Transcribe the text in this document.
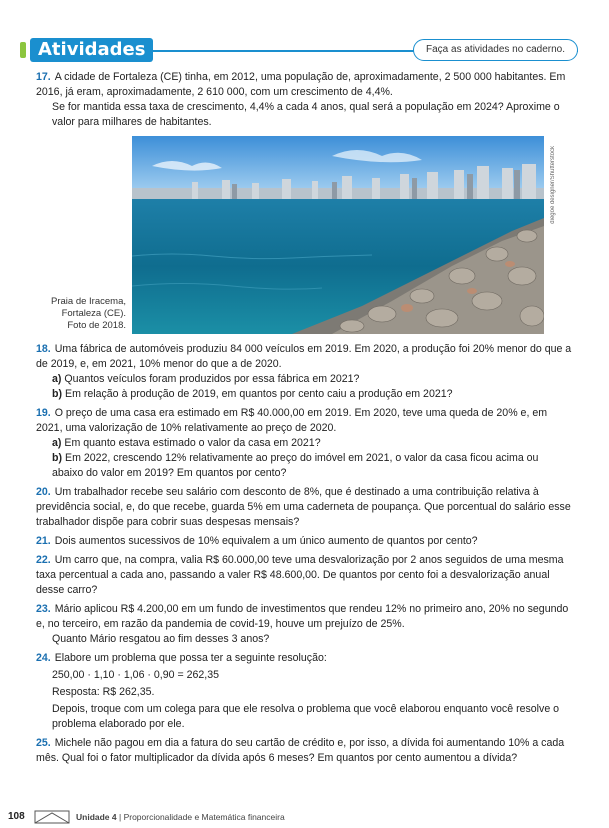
Atividades	Faça as atividades no caderno.

17. A cidade de Fortaleza (CE) tinha, em 2012, uma população de, aproximadamente, 2 500 000 habitantes. Em 2016, já eram, aproximadamente, 2 610 000, com um crescimento de 4,4%.

Se for mantida essa taxa de crescimento, 4,4% a cada 4 anos, qual será a população em 2024? Aproxime o valor para milhares de habitantes.

Praia de Iracema,
Fortaleza (CE).
Foto de 2018.
diegoe designer/Shutterstock

18. Uma fábrica de automóveis produziu 84 000 veículos em 2019. Em 2020, a produção foi 20% menor do que a de 2019, e, em 2021, 10% menor do que a de 2020.

a) Quantos veículos foram produzidos por essa fábrica em 2021?

b) Em relação à produção de 2019, em quantos por cento caiu a produção em 2021?

19. O preço de uma casa era estimado em R$ 40.000,00 em 2019. Em 2020, teve uma queda de 20% e, em 2021, uma valorização de 10% relativamente ao preço de 2020.

a) Em quanto estava estimado o valor da casa em 2021?

b) Em 2022, crescendo 12% relativamente ao preço do imóvel em 2021, o valor da casa ficou acima ou abaixo do valor em 2019? Em quantos por cento?

20. Um trabalhador recebe seu salário com desconto de 8%, que é destinado a uma contribuição relativa à previdência social, e, do que recebe, guarda 5% em uma caderneta de poupança. Que porcentual do salário esse trabalhador dispõe para cobrir suas despesas mensais?

21. Dois aumentos sucessivos de 10% equivalem a um único aumento de quantos por cento?

22. Um carro que, na compra, valia R$ 60.000,00 teve uma desvalorização por 2 anos seguidos de uma mesma taxa percentual a cada ano, passando a valer R$ 48.600,00. De quantos por cento foi a desvalorização anual desse carro?

23. Mário aplicou R$ 4.200,00 em um fundo de investimentos que rendeu 12% no primeiro ano, 20% no segundo e, no terceiro, em razão da pandemia de covid-19, houve um prejuízo de 25%.

Quanto Mário resgatou ao fim desses 3 anos?

24. Elabore um problema que possa ter a seguinte resolução:

250,00 · 1,10 · 1,06 · 0,90 = 262,35

Resposta: R$ 262,35.

Depois, troque com um colega para que ele resolva o problema que você elaborou enquanto você resolve o problema elaborado por ele.

25. Michele não pagou em dia a fatura do seu cartão de crédito e, por isso, a dívida foi aumentando 10% a cada mês. Qual foi o fator multiplicador da dívida após 6 meses? Em quantos por cento aumentou a dívida?

108	Unidade 4 | Proporcionalidade e Matemática financeira
